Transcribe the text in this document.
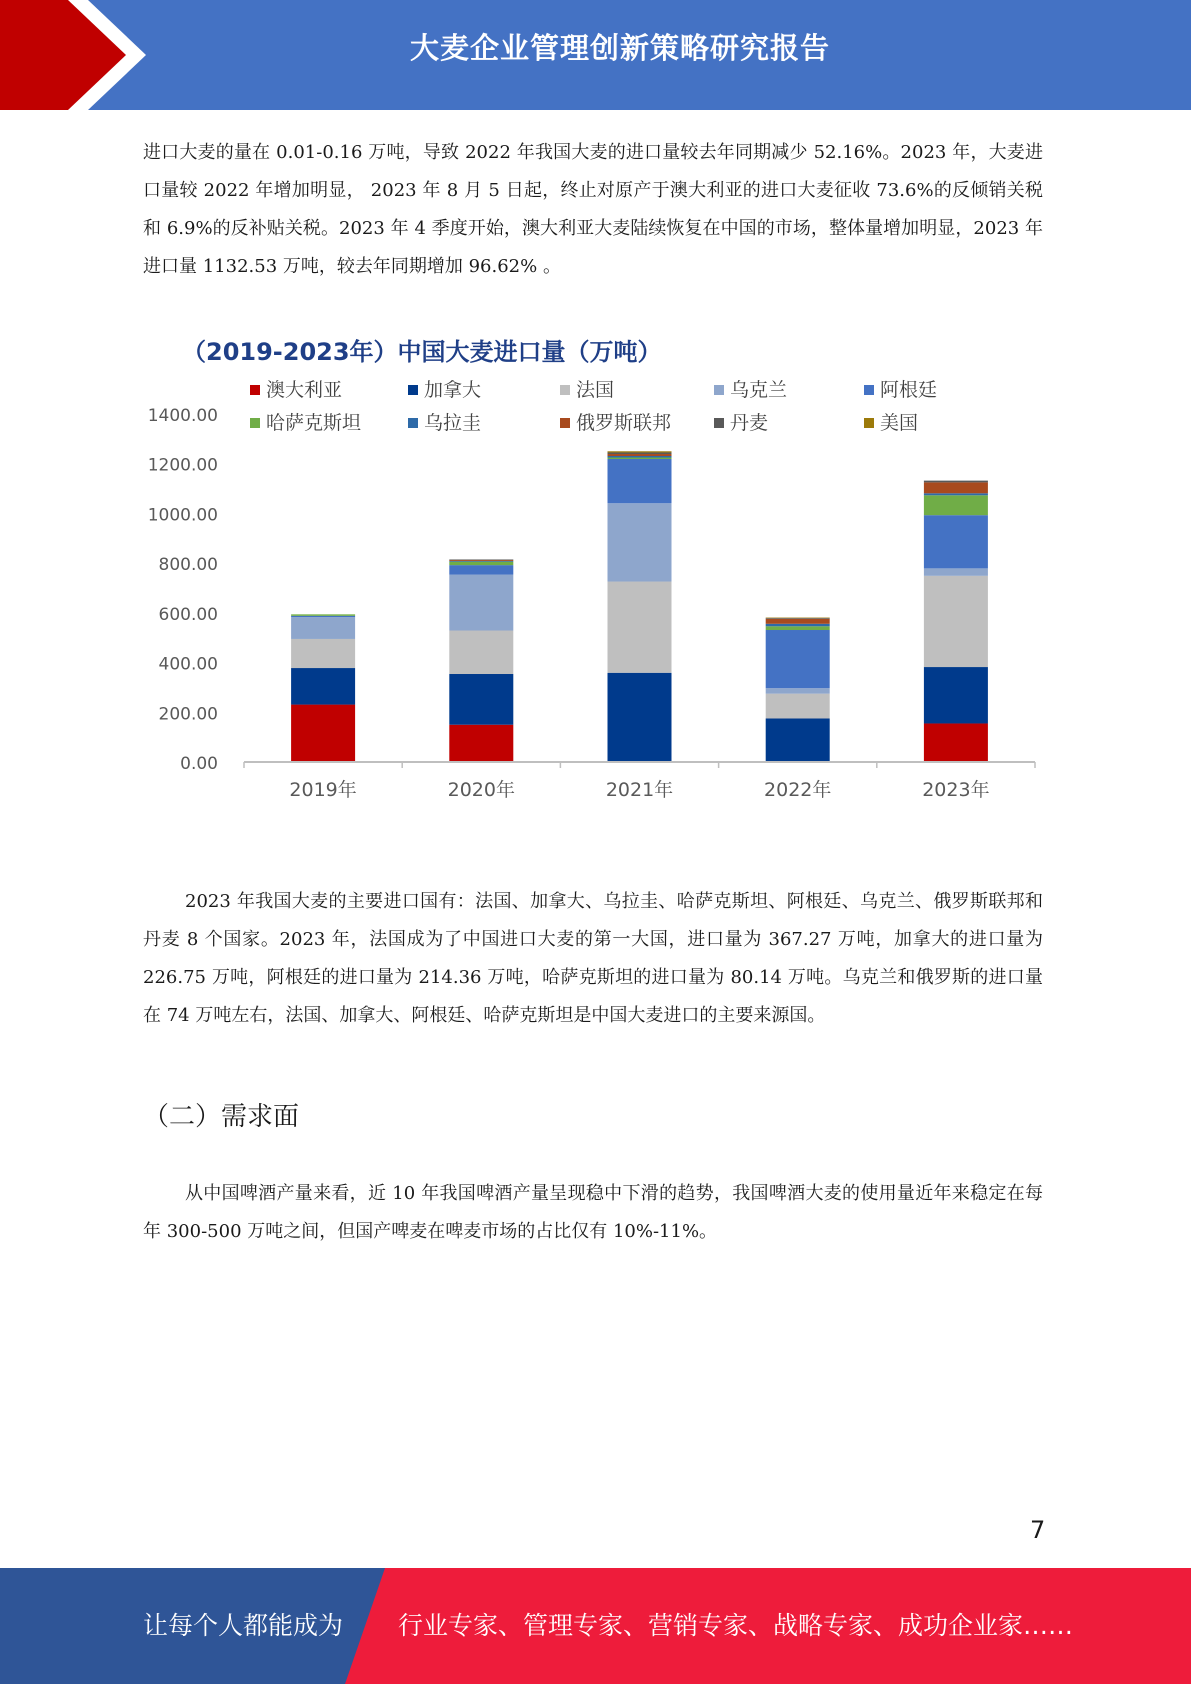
大麦企业管理创新策略研究报告

进口大麦的量在 0.01-0.16 万吨，导致 2022 年我国大麦的进口量较去年同期减少 52.16%。2023 年，大麦进口量较 2022 年增加明显， 2023 年 8 月 5 日起，终止对原产于澳大利亚的进口大麦征收 73.6%的反倾销关税和 6.9%的反补贴关税。2023 年 4 季度开始，澳大利亚大麦陆续恢复在中国的市场，整体量增加明显，2023 年进口量 1132.53 万吨，较去年同期增加 96.62% 。

（2019-2023年）中国大麦进口量（万吨）
澳大利亚	加拿大	法国	乌克兰	阿根廷
哈萨克斯坦	乌拉圭	俄罗斯联邦	丹麦	美国
0.00
200.00
400.00
600.00
800.00
1000.00
1200.00
1400.00
2019年	2020年	2021年	2022年	2023年

2023 年我国大麦的主要进口国有：法国、加拿大、乌拉圭、哈萨克斯坦、阿根廷、乌克兰、俄罗斯联邦和丹麦 8 个国家。2023 年，法国成为了中国进口大麦的第一大国，进口量为 367.27 万吨，加拿大的进口量为 226.75 万吨，阿根廷的进口量为 214.36 万吨，哈萨克斯坦的进口量为 80.14 万吨。乌克兰和俄罗斯的进口量在 74 万吨左右，法国、加拿大、阿根廷、哈萨克斯坦是中国大麦进口的主要来源国。

（二）需求面

从中国啤酒产量来看，近 10 年我国啤酒产量呈现稳中下滑的趋势，我国啤酒大麦的使用量近年来稳定在每年 300-500 万吨之间，但国产啤麦在啤麦市场的占比仅有 10%-11%。

7
让每个人都能成为 行业专家、管理专家、营销专家、战略专家、成功企业家……
